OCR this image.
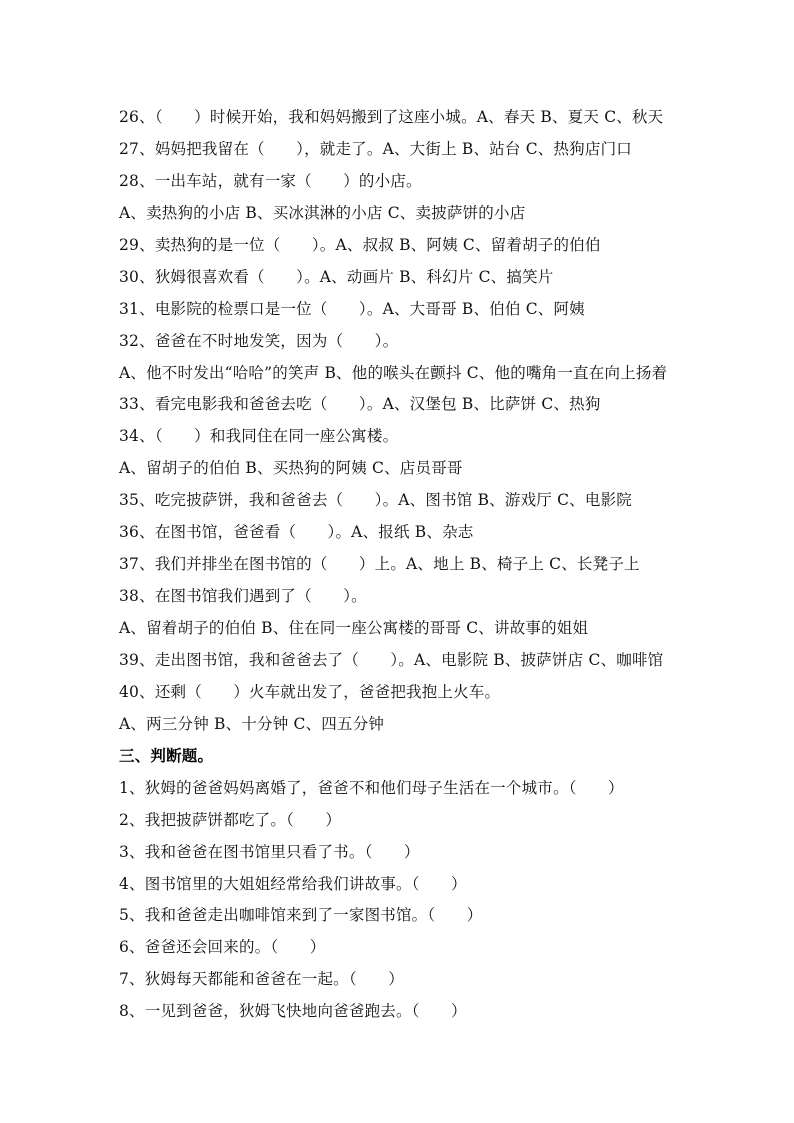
26、（　　）时候开始，我和妈妈搬到了这座小城。A、春天 B、夏天 C、秋天
27、妈妈把我留在（　　），就走了。A、大街上 B、站台 C、热狗店门口
28、一出车站，就有一家（　　）的小店。
A、卖热狗的小店 B、买冰淇淋的小店 C、卖披萨饼的小店
29、卖热狗的是一位（　　）。A、叔叔 B、阿姨 C、留着胡子的伯伯
30、狄姆很喜欢看（　　）。A、动画片 B、科幻片 C、搞笑片
31、电影院的检票口是一位（　　）。A、大哥哥 B、伯伯 C、阿姨
32、爸爸在不时地发笑，因为（　　）。
A、他不时发出“哈哈”的笑声 B、他的喉头在颤抖 C、他的嘴角一直在向上扬着
33、看完电影我和爸爸去吃（　　）。A、汉堡包 B、比萨饼 C、热狗
34、（　　）和我同住在同一座公寓楼。
A、留胡子的伯伯 B、买热狗的阿姨 C、店员哥哥
35、吃完披萨饼，我和爸爸去（　　）。A、图书馆 B、游戏厅 C、电影院
36、在图书馆，爸爸看（　　）。A、报纸 B、杂志
37、我们并排坐在图书馆的（　　）上。A、地上 B、椅子上 C、长凳子上
38、在图书馆我们遇到了（　　）。
A、留着胡子的伯伯 B、住在同一座公寓楼的哥哥 C、讲故事的姐姐
39、走出图书馆，我和爸爸去了（　　）。A、电影院 B、披萨饼店 C、咖啡馆
40、还剩（　　）火车就出发了，爸爸把我抱上火车。
A、两三分钟 B、十分钟 C、四五分钟
三、判断题。
1、狄姆的爸爸妈妈离婚了，爸爸不和他们母子生活在一个城市。（　　）
2、我把披萨饼都吃了。（　　）
3、我和爸爸在图书馆里只看了书。（　　）
4、图书馆里的大姐姐经常给我们讲故事。（　　）
5、我和爸爸走出咖啡馆来到了一家图书馆。（　　）
6、爸爸还会回来的。（　　）
7、狄姆每天都能和爸爸在一起。（　　）
8、一见到爸爸，狄姆飞快地向爸爸跑去。（　　）
